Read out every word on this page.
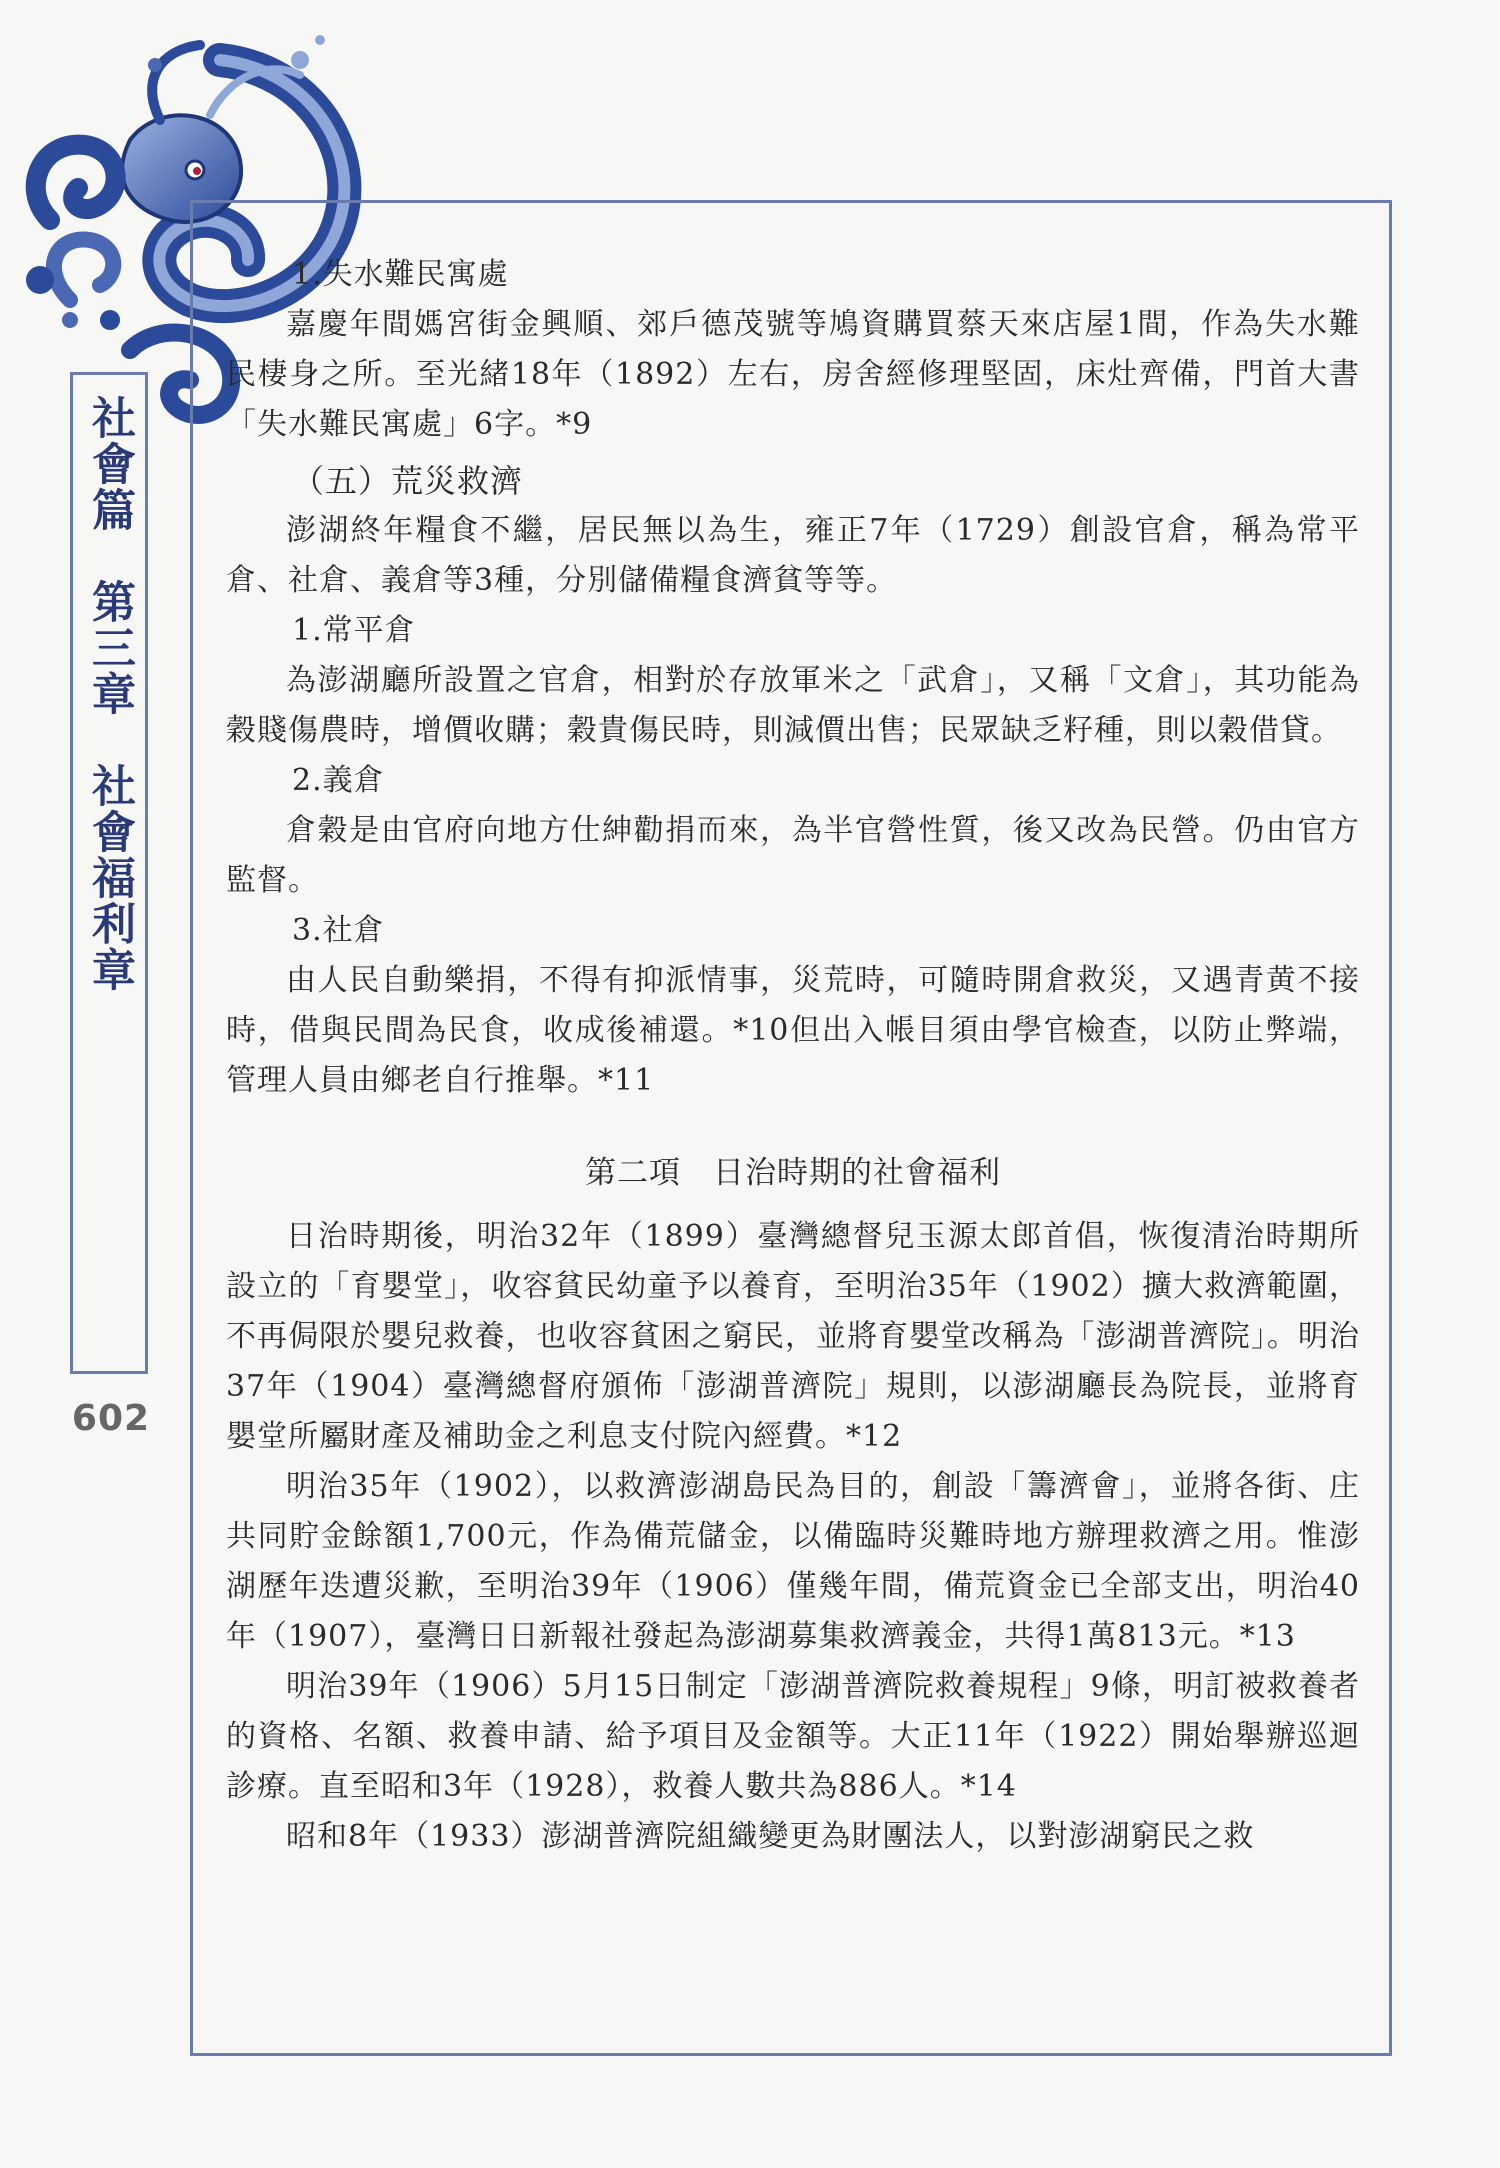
社會篇　第三章　社會福利章
602

1.失水難民寓處

嘉慶年間媽宮街金興順、郊戶德茂號等鳩資購買蔡天來店屋1間，作為失水難民棲身之所。至光緒18年（1892）左右，房舍經修理堅固，床灶齊備，門首大書「失水難民寓處」6字。*9

（五）荒災救濟

澎湖終年糧食不繼，居民無以為生，雍正7年（1729）創設官倉，稱為常平倉、社倉、義倉等3種，分別儲備糧食濟貧等等。

1.常平倉

為澎湖廳所設置之官倉，相對於存放軍米之「武倉」，又稱「文倉」，其功能為穀賤傷農時，增價收購；穀貴傷民時，則減價出售；民眾缺乏籽種，則以穀借貸。

2.義倉

倉穀是由官府向地方仕紳勸捐而來，為半官營性質，後又改為民營。仍由官方監督。

3.社倉

由人民自動樂捐，不得有抑派情事，災荒時，可隨時開倉救災，又遇青黄不接時，借與民間為民食，收成後補還。*10但出入帳目須由學官檢查，以防止弊端，管理人員由鄉老自行推舉。*11

第二項　日治時期的社會福利

日治時期後，明治32年（1899）臺灣總督兒玉源太郎首倡，恢復清治時期所設立的「育嬰堂」，收容貧民幼童予以養育，至明治35年（1902）擴大救濟範圍，不再侷限於嬰兒救養，也收容貧困之窮民，並將育嬰堂改稱為「澎湖普濟院」。明治37年（1904）臺灣總督府頒佈「澎湖普濟院」規則，以澎湖廳長為院長，並將育嬰堂所屬財產及補助金之利息支付院內經費。*12

明治35年（1902），以救濟澎湖島民為目的，創設「籌濟會」，並將各街、庄共同貯金餘額1,700元，作為備荒儲金，以備臨時災難時地方辦理救濟之用。惟澎湖歷年迭遭災歉，至明治39年（1906）僅幾年間，備荒資金已全部支出，明治40年（1907），臺灣日日新報社發起為澎湖募集救濟義金，共得1萬813元。*13

明治39年（1906）5月15日制定「澎湖普濟院救養規程」9條，明訂被救養者的資格、名額、救養申請、給予項目及金額等。大正11年（1922）開始舉辦巡迴診療。直至昭和3年（1928），救養人數共為886人。*14

昭和8年（1933）澎湖普濟院組織變更為財團法人，以對澎湖窮民之救
